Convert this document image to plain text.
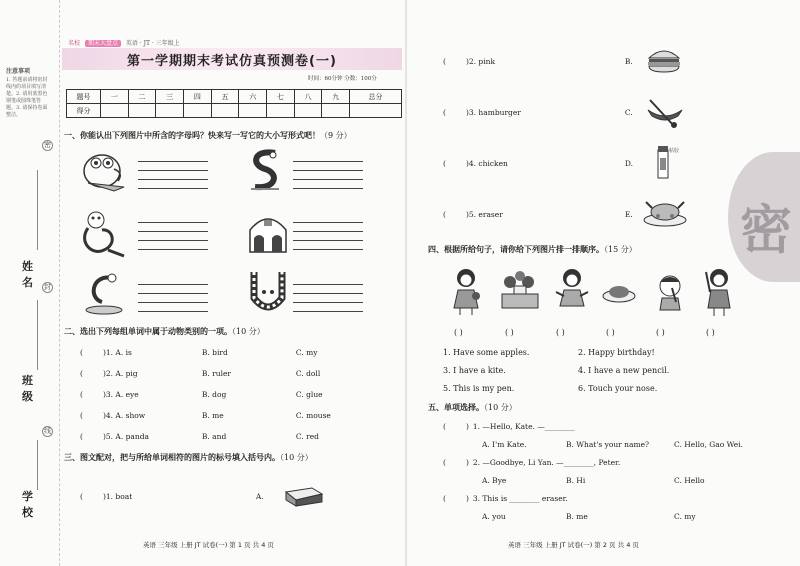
注意事项
1. 答题前请将密封线内的项目填写清楚。2. 请用蓝黑色钢笔或圆珠笔答题。3. 请保持卷面整洁。
密
姓名 封
班级
线
学校
名校 期末大盘点 英语 · JT · 三年级上
第一学期期末考试仿真预测卷(一)
时间：60分钟 分数：100分
题号	一	二	三	四	五	六	七	八	九	总分
得分										
一、你能认出下列图片中所含的字母吗？快来写一写它的大小写形式吧！（9 分）
二、选出下列每组单词中属于动物类别的一项。（10 分）
(	) 1. A. is	B. bird	C. my
(	) 2. A. pig	B. ruler	C. doll
(	) 3. A. eye	B. dog	C. glue
(	) 4. A. show	B. me	C. mouse
(	) 5. A. panda	B. and	C. red
三、图文配对，把与所给单词相符的图片的标号填入括号内。（10 分）
(	) 1. boat	A.
英语 三年级 上册 JT 试卷(一) 第 1 页 共 4 页
(	) 2. pink	B.
(	) 3. hamburger	C.
(	) 4. chicken	D.
粘胶
(	) 5. eraser	E.
四、根据所给句子，请你给下列图片排一排顺序。（15 分）
( )	( )	( )	( )	( )	( )
1. Have some apples.	2. Happy birthday!
3. I have a kite.	4. I have a new pencil.
5. This is my pen.	6. Touch your nose.
五、单项选择。（10 分）
(	) 1. —Hello, Kate. —________
A. I'm Kate.	B. What's your name?	C. Hello, Gao Wei.
(	) 2. —Goodbye, Li Yan. —________, Peter.
A. Bye	B. Hi	C. Hello
(	) 3. This is ________ eraser.
A. you	B. me	C. my
英语 三年级 上册 JT 试卷(一) 第 2 页 共 4 页
密
